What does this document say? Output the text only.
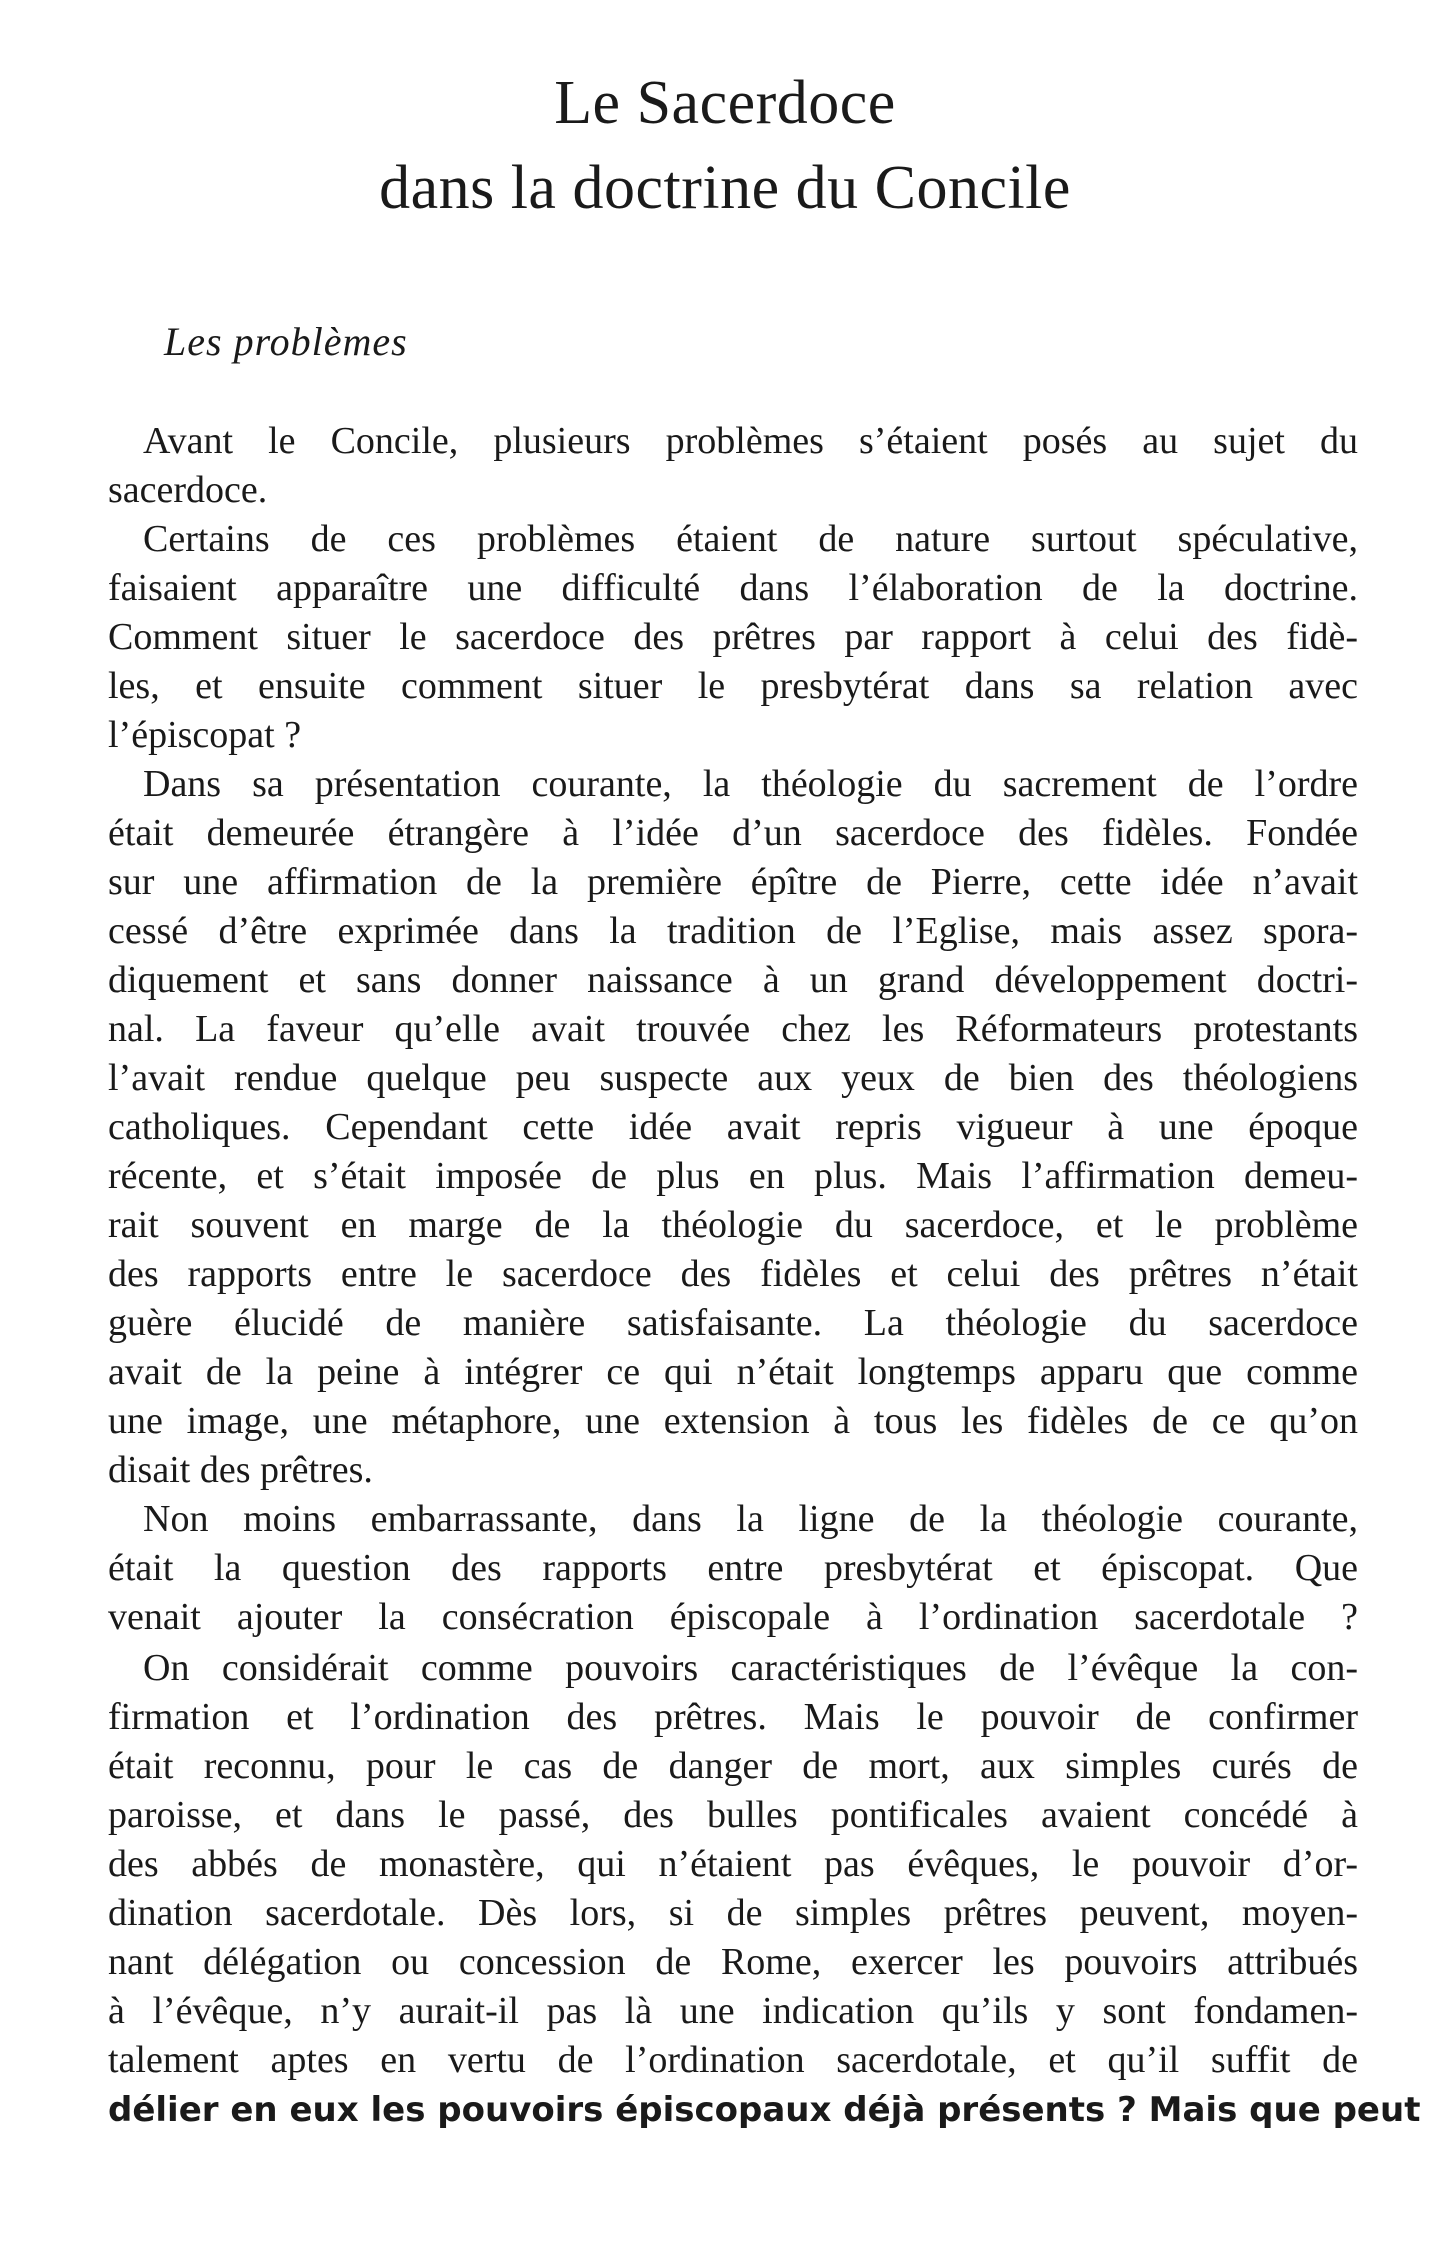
Le Sacerdoce
dans la doctrine du Concile
Les problèmes

Avant le Concile, plusieurs problèmes s’étaient posés au sujet du

sacerdoce.

Certains de ces problèmes étaient de nature surtout spéculative,

faisaient apparaître une difficulté dans l’élaboration de la doctrine.

Comment situer le sacerdoce des prêtres par rapport à celui des fidè-

les, et ensuite comment situer le presbytérat dans sa relation avec

l’épiscopat ?

Dans sa présentation courante, la théologie du sacrement de l’ordre

était demeurée étrangère à l’idée d’un sacerdoce des fidèles. Fondée

sur une affirmation de la première épître de Pierre, cette idée n’avait

cessé d’être exprimée dans la tradition de l’Eglise, mais assez spora-

diquement et sans donner naissance à un grand développement doctri-

nal. La faveur qu’elle avait trouvée chez les Réformateurs protestants

l’avait rendue quelque peu suspecte aux yeux de bien des théologiens

catholiques. Cependant cette idée avait repris vigueur à une époque

récente, et s’était imposée de plus en plus. Mais l’affirmation demeu-

rait souvent en marge de la théologie du sacerdoce, et le problème

des rapports entre le sacerdoce des fidèles et celui des prêtres n’était

guère élucidé de manière satisfaisante. La théologie du sacerdoce

avait de la peine à intégrer ce qui n’était longtemps apparu que comme

une image, une métaphore, une extension à tous les fidèles de ce qu’on

disait des prêtres.

Non moins embarrassante, dans la ligne de la théologie courante,

était la question des rapports entre presbytérat et épiscopat. Que

venait ajouter la consécration épiscopale à l’ordination sacerdotale ?

On considérait comme pouvoirs caractéristiques de l’évêque la con-

firmation et l’ordination des prêtres. Mais le pouvoir de confirmer

était reconnu, pour le cas de danger de mort, aux simples curés de

paroisse, et dans le passé, des bulles pontificales avaient concédé à

des abbés de monastère, qui n’étaient pas évêques, le pouvoir d’or-

dination sacerdotale. Dès lors, si de simples prêtres peuvent, moyen-

nant délégation ou concession de Rome, exercer les pouvoirs attribués

à l’évêque, n’y aurait-il pas là une indication qu’ils y sont fondamen-

talement aptes en vertu de l’ordination sacerdotale, et qu’il suffit de

délier en eux les pouvoirs épiscopaux déjà présents ? Mais que peut
